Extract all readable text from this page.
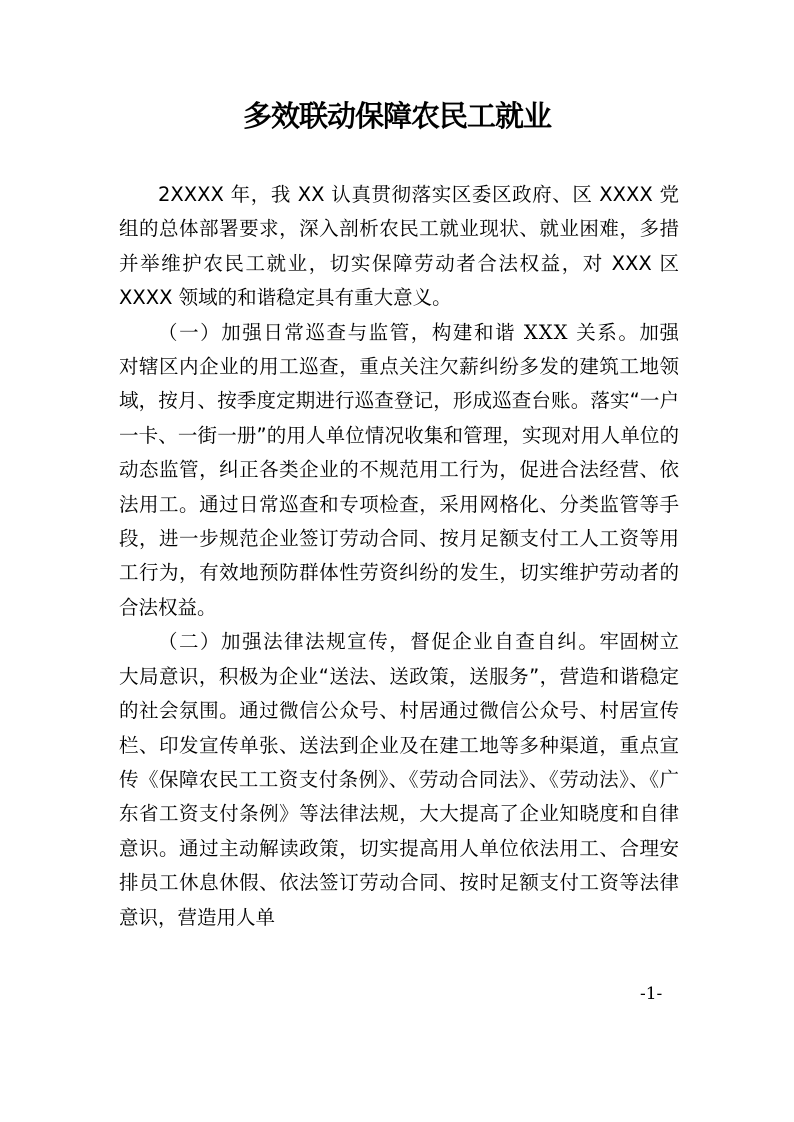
多效联动保障农民工就业

2XXXX 年，我 XX 认真贯彻落实区委区政府、区 XXXX 党组的总体部署要求，深入剖析农民工就业现状、就业困难，多措并举维护农民工就业，切实保障劳动者合法权益，对 XXX 区 XXXX 领域的和谐稳定具有重大意义。

（一）加强日常巡查与监管，构建和谐 XXX 关系。加强对辖区内企业的用工巡查，重点关注欠薪纠纷多发的建筑工地领域，按月、按季度定期进行巡查登记，形成巡查台账。落实“一户一卡、一街一册”的用人单位情况收集和管理，实现对用人单位的动态监管，纠正各类企业的不规范用工行为，促进合法经营、依法用工。通过日常巡查和专项检查，采用网格化、分类监管等手段，进一步规范企业签订劳动合同、按月足额支付工人工资等用工行为，有效地预防群体性劳资纠纷的发生，切实维护劳动者的合法权益。

（二）加强法律法规宣传，督促企业自查自纠。牢固树立大局意识，积极为企业“送法、送政策，送服务”，营造和谐稳定的社会氛围。通过微信公众号、村居通过微信公众号、村居宣传栏、印发宣传单张、送法到企业及在建工地等多种渠道，重点宣传《保障农民工工资支付条例》、《劳动合同法》、《劳动法》、《广东省工资支付条例》等法律法规，大大提高了企业知晓度和自律意识。通过主动解读政策，切实提高用人单位依法用工、合理安排员工休息休假、依法签订劳动合同、按时足额支付工资等法律意识，营造用人单

-1-
